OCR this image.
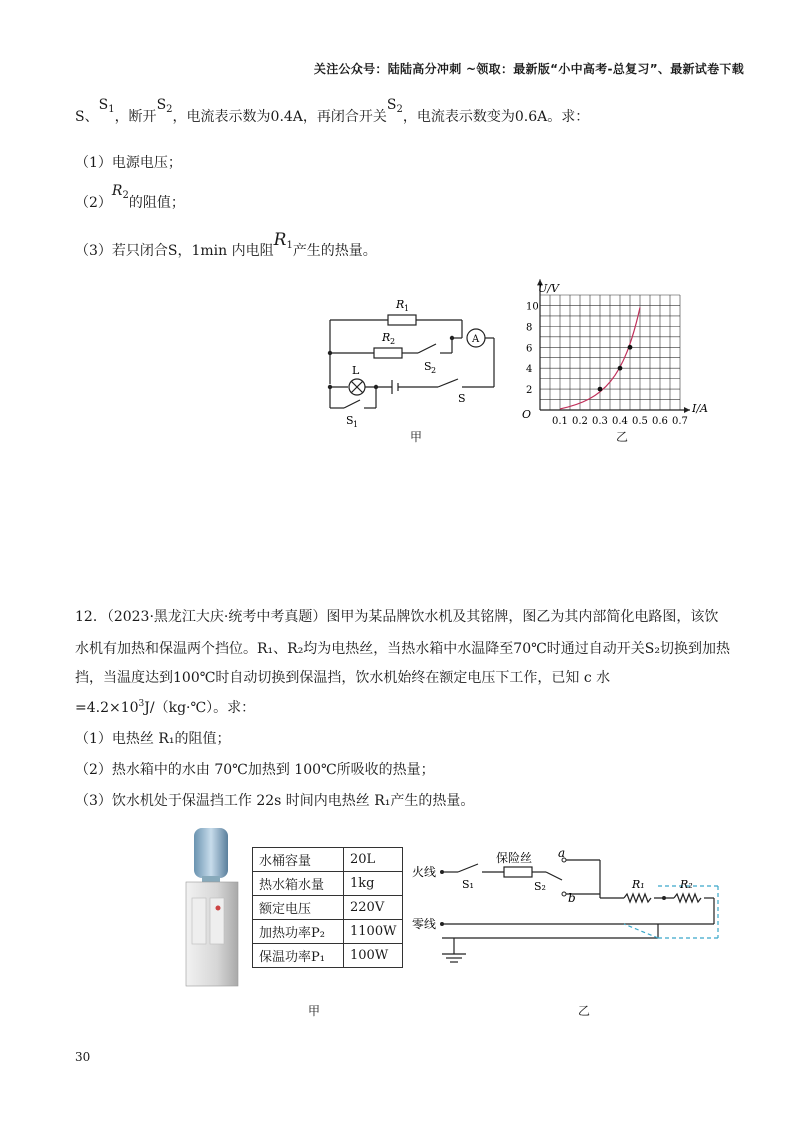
关注公众号：陆陆高分冲刺 ~领取：最新版“小中高考-总复习”、最新试卷下载
S、$S^1$，断开$S^2$，电流表示数为0.4A，再闭合开关$S^2$，电流表示数变为0.6A。求：
（1）电源电压；
$(2)R^2$的阻值；
（3）若只闭合S，1min 内电阻$R^1$产生的热量。
R 1
R 2	A
L	S 2
S
S 1
甲
0.1 0.2 0.3 0.4 0.5 0.6 0.7
2
4
6
8
10
O	I/A
U/V
乙
12．（2023·黑龙江大庆·统考中考真题）图甲为某品牌饮水机及其铭牌，图乙为其内部简化电路图，该饮
水机有加热和保温两个挡位。R₁、R₂均为电热丝，当热水箱中水温降至70℃时通过自动开关S₂切换到加热
挡，当温度达到100℃时自动切换到保温挡，饮水机始终在额定电压下工作，已知 c 水
$=4.2\times 10^3J/(kg\cdot℃)$。求：
（1）电热丝 R₁的阻值；
（2）热水箱中的水由 70℃加热到 100℃所吸收的热量；
（3）饮水机处于保温挡工作 22s 时间内电热丝 R₁产生的热量。
水桶容量	20L
热水箱水量	1kg
额定电压	220V
加热功率P₂	1100W
保温功率P₁	100W
甲
火线
零线
保险丝
S₁	S₂
a
b
R₁	R₂
乙
30
